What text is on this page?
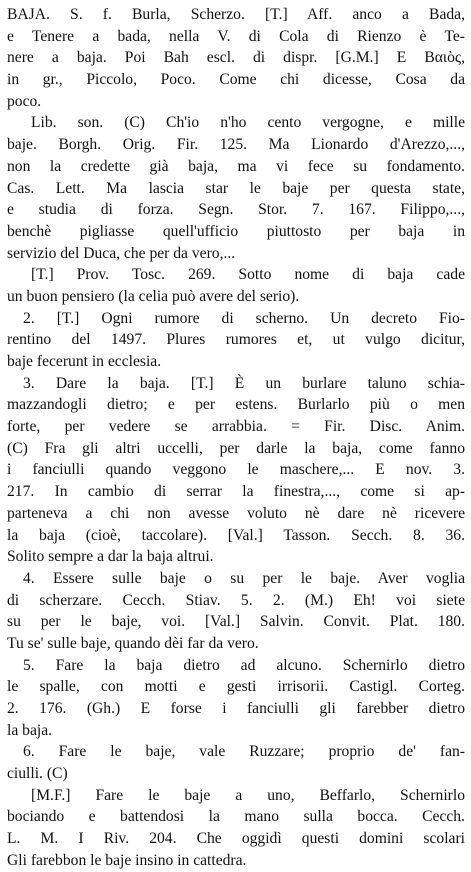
BAJA. S. f. Burla, Scherzo. [T.] Aff. anco a Bada,
e Tenere a bada, nella V. di Cola di Rienzo è Te-
nere a baja. Poi Bah escl. di dispr. [G.M.] E Βαιὸς,
in gr., Piccolo, Poco. Come chi dicesse, Cosa da
poco.
Lib. son. (C) Ch'io n'ho cento vergogne, e mille
baje. Borgh. Orig. Fir. 125. Ma Lionardo d'Arezzo,...,
non la credette già baja, ma vi fece su fondamento.
Cas. Lett. Ma lascia star le baje per questa state,
e studia di forza. Segn. Stor. 7. 167. Filippo,...,
benchè pigliasse quell'ufficio piuttosto per baja in
servizio del Duca, che per da vero,...
[T.] Prov. Tosc. 269. Sotto nome di baja cade
un buon pensiero (la celia può avere del serio).
2. [T.] Ogni rumore di scherno. Un decreto Fio-
rentino del 1497. Plures rumores et, ut vulgo dicitur,
baje fecerunt in ecclesia.
3. Dare la baja. [T.] È un burlare taluno schia-
mazzandogli dietro; e per estens. Burlarlo più o men
forte, per vedere se arrabbia. = Fir. Disc. Anim.
(C) Fra gli altri uccelli, per darle la baja, come fanno
i fanciulli quando veggono le maschere,... E nov. 3.
217. In cambio di serrar la finestra,..., come si ap-
parteneva a chi non avesse voluto nè dare nè ricevere
la baja (cioè, taccolare). [Val.] Tasson. Secch. 8. 36.
Solito sempre a dar la baja altrui.
4. Essere sulle baje o su per le baje. Aver voglia
di scherzare. Cecch. Stiav. 5. 2. (M.) Eh! voi siete
su per le baje, voi. [Val.] Salvin. Convit. Plat. 180.
Tu se' sulle baje, quando dèi far da vero.
5. Fare la baja dietro ad alcuno. Schernirlo dietro
le spalle, con motti e gesti irrisorii. Castigl. Corteg.
2. 176. (Gh.) E forse i fanciulli gli farebber dietro
la baja.
6. Fare le baje, vale Ruzzare; proprio de' fan-
ciulli. (C)
[M.F.] Fare le baje a uno, Beffarlo, Schernirlo
bociando e battendosi la mano sulla bocca. Cecch.
L. M. I Riv. 204. Che oggidì questi domini scolari
Gli farebbon le baje insino in cattedra.
